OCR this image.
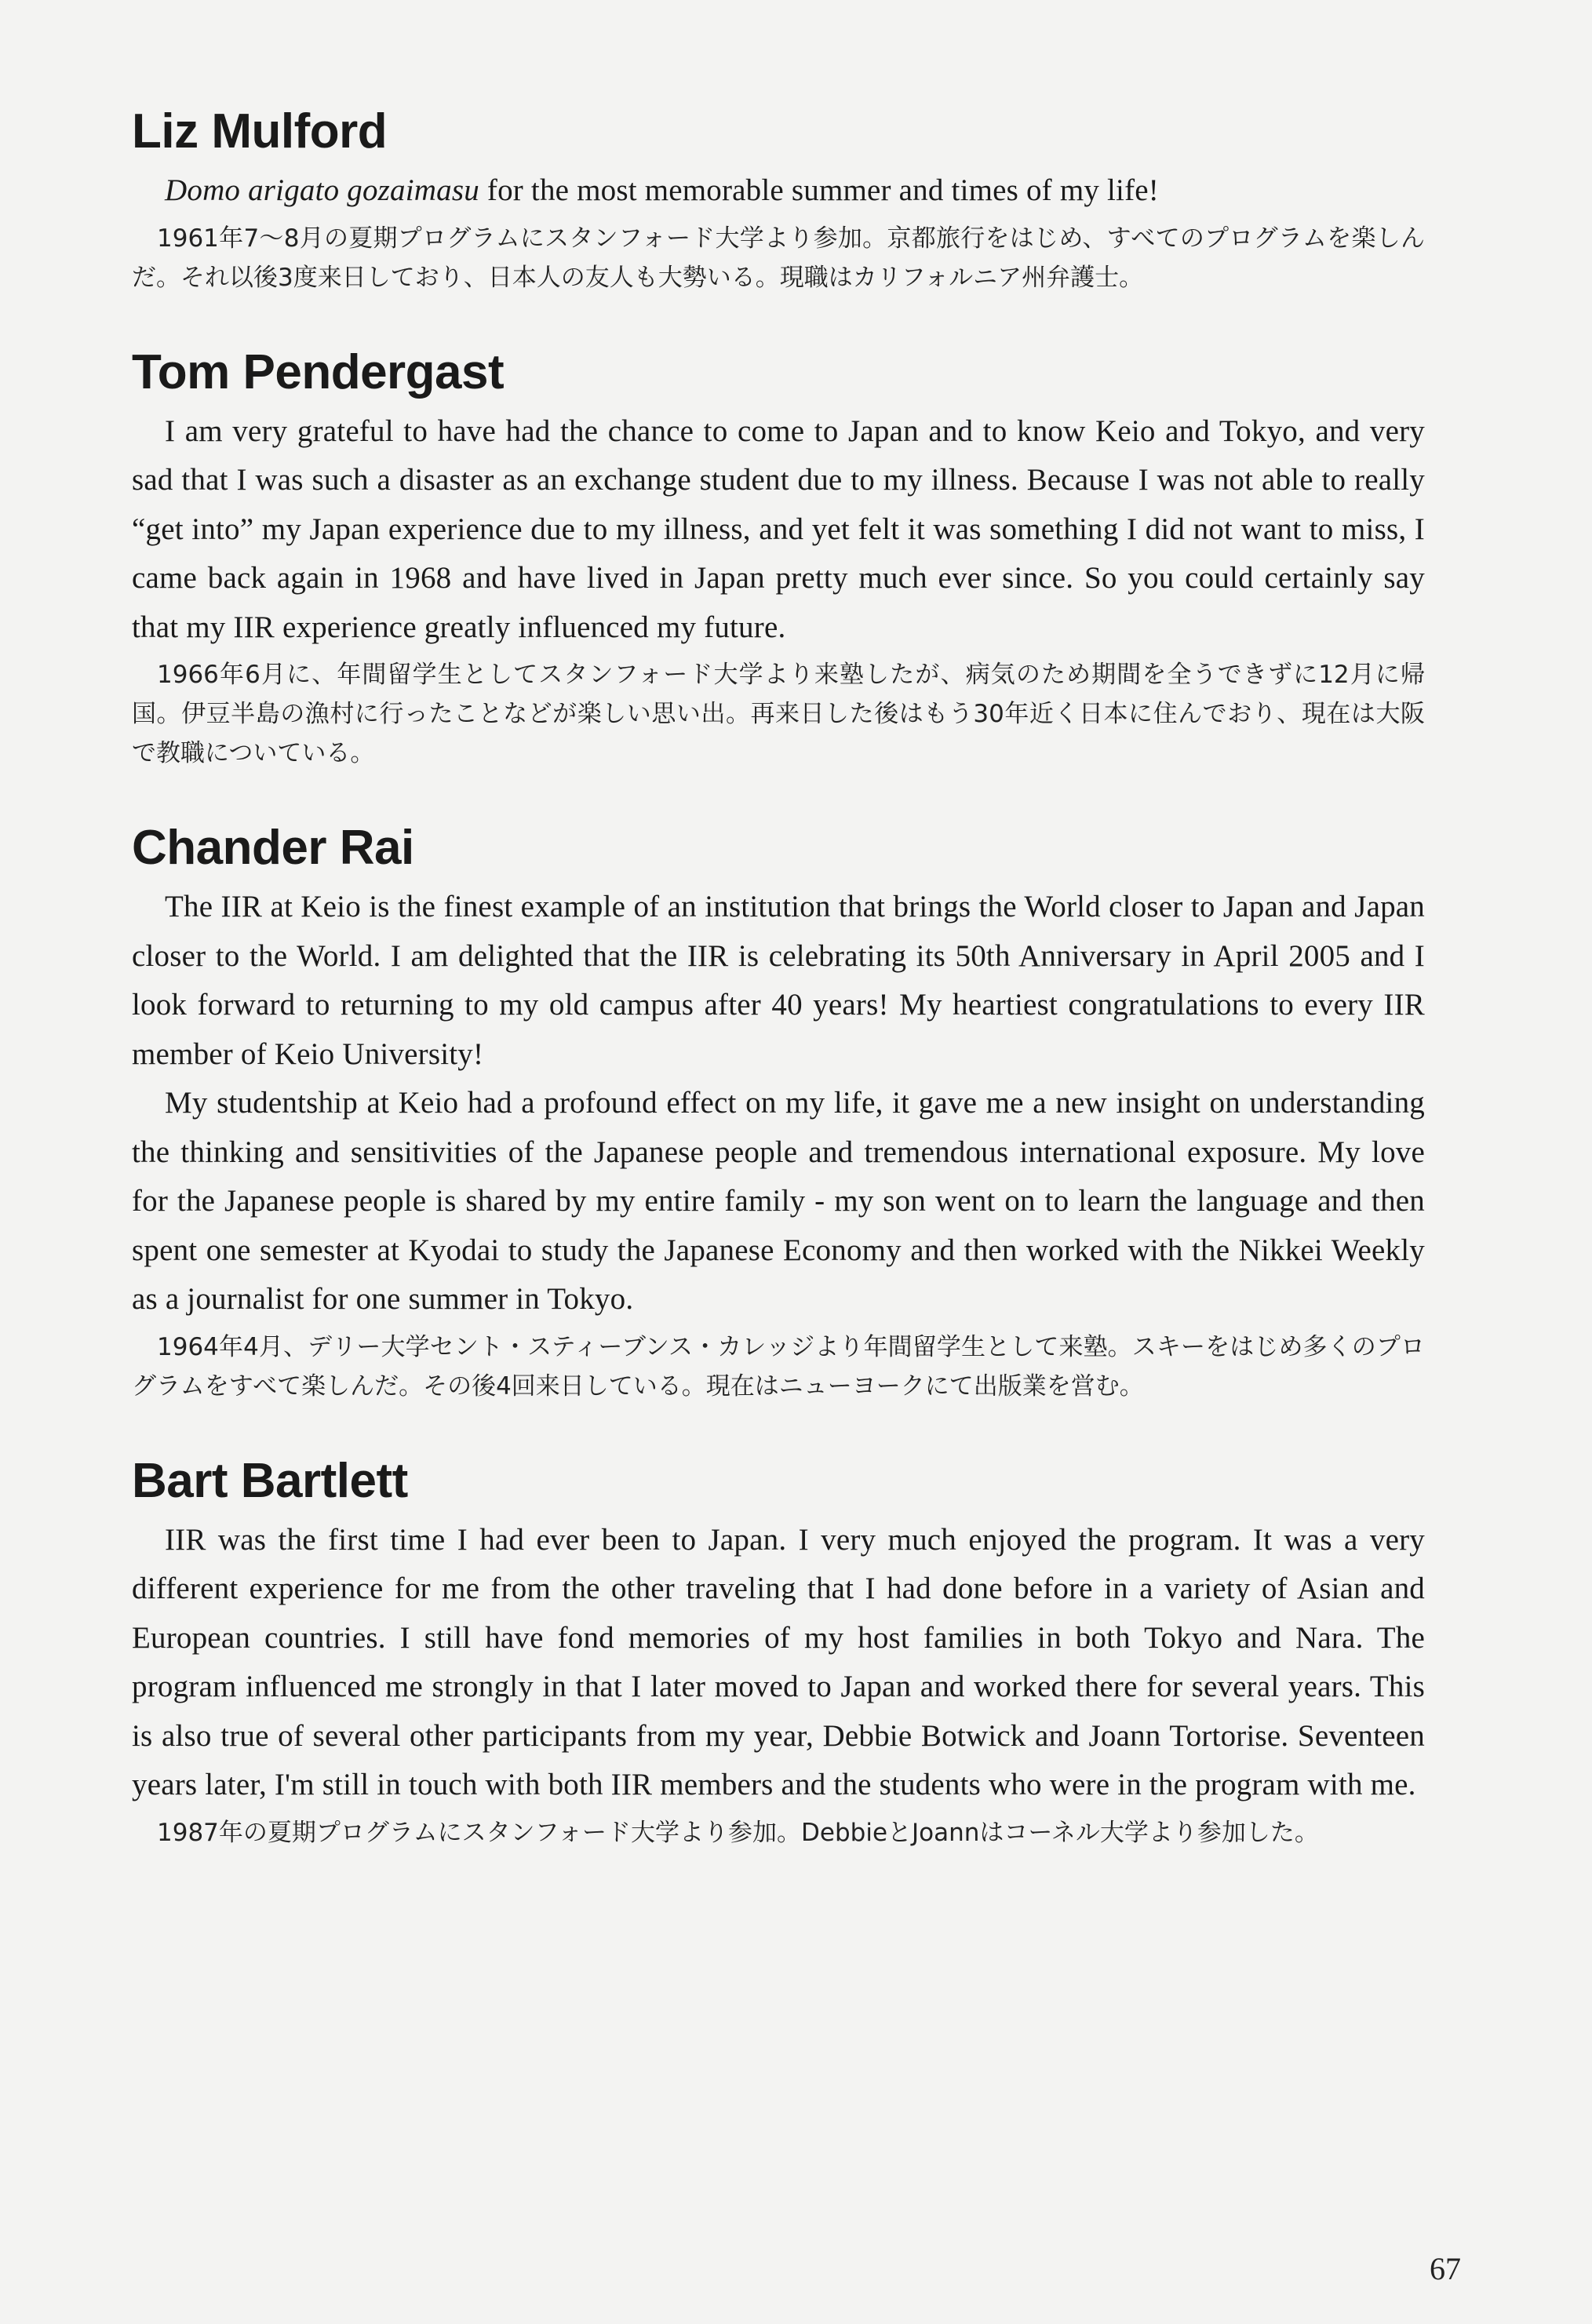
Liz Mulford

Domo arigato gozaimasu for the most memorable summer and times of my life!

1961年7～8月の夏期プログラムにスタンフォード大学より参加。京都旅行をはじめ、すべてのプログラムを楽しんだ。それ以後3度来日しており、日本人の友人も大勢いる。現職はカリフォルニア州弁護士。

Tom Pendergast

I am very grateful to have had the chance to come to Japan and to know Keio and Tokyo, and very sad that I was such a disaster as an exchange student due to my illness. Because I was not able to really “get into” my Japan experience due to my illness, and yet felt it was something I did not want to miss, I came back again in 1968 and have lived in Japan pretty much ever since. So you could certainly say that my IIR experience greatly influenced my future.

1966年6月に、年間留学生としてスタンフォード大学より来塾したが、病気のため期間を全うできずに12月に帰国。伊豆半島の漁村に行ったことなどが楽しい思い出。再来日した後はもう30年近く日本に住んでおり、現在は大阪で教職についている。

Chander Rai

The IIR at Keio is the finest example of an institution that brings the World closer to Japan and Japan closer to the World. I am delighted that the IIR is celebrating its 50th Anniversary in April 2005 and I look forward to returning to my old campus after 40 years! My heartiest congratulations to every IIR member of Keio University!

My studentship at Keio had a profound effect on my life, it gave me a new insight on understanding the thinking and sensitivities of the Japanese people and tremendous international exposure. My love for the Japanese people is shared by my entire family - my son went on to learn the language and then spent one semester at Kyodai to study the Japanese Economy and then worked with the Nikkei Weekly as a journalist for one summer in Tokyo.

1964年4月、デリー大学セント・スティーブンス・カレッジより年間留学生として来塾。スキーをはじめ多くのプログラムをすべて楽しんだ。その後4回来日している。現在はニューヨークにて出版業を営む。

Bart Bartlett

IIR was the first time I had ever been to Japan. I very much enjoyed the program. It was a very different experience for me from the other traveling that I had done before in a variety of Asian and European countries. I still have fond memories of my host families in both Tokyo and Nara. The program influenced me strongly in that I later moved to Japan and worked there for several years. This is also true of several other participants from my year, Debbie Botwick and Joann Tortorise. Seventeen years later, I'm still in touch with both IIR members and the students who were in the program with me.

1987年の夏期プログラムにスタンフォード大学より参加。DebbieとJoannはコーネル大学より参加した。

67
